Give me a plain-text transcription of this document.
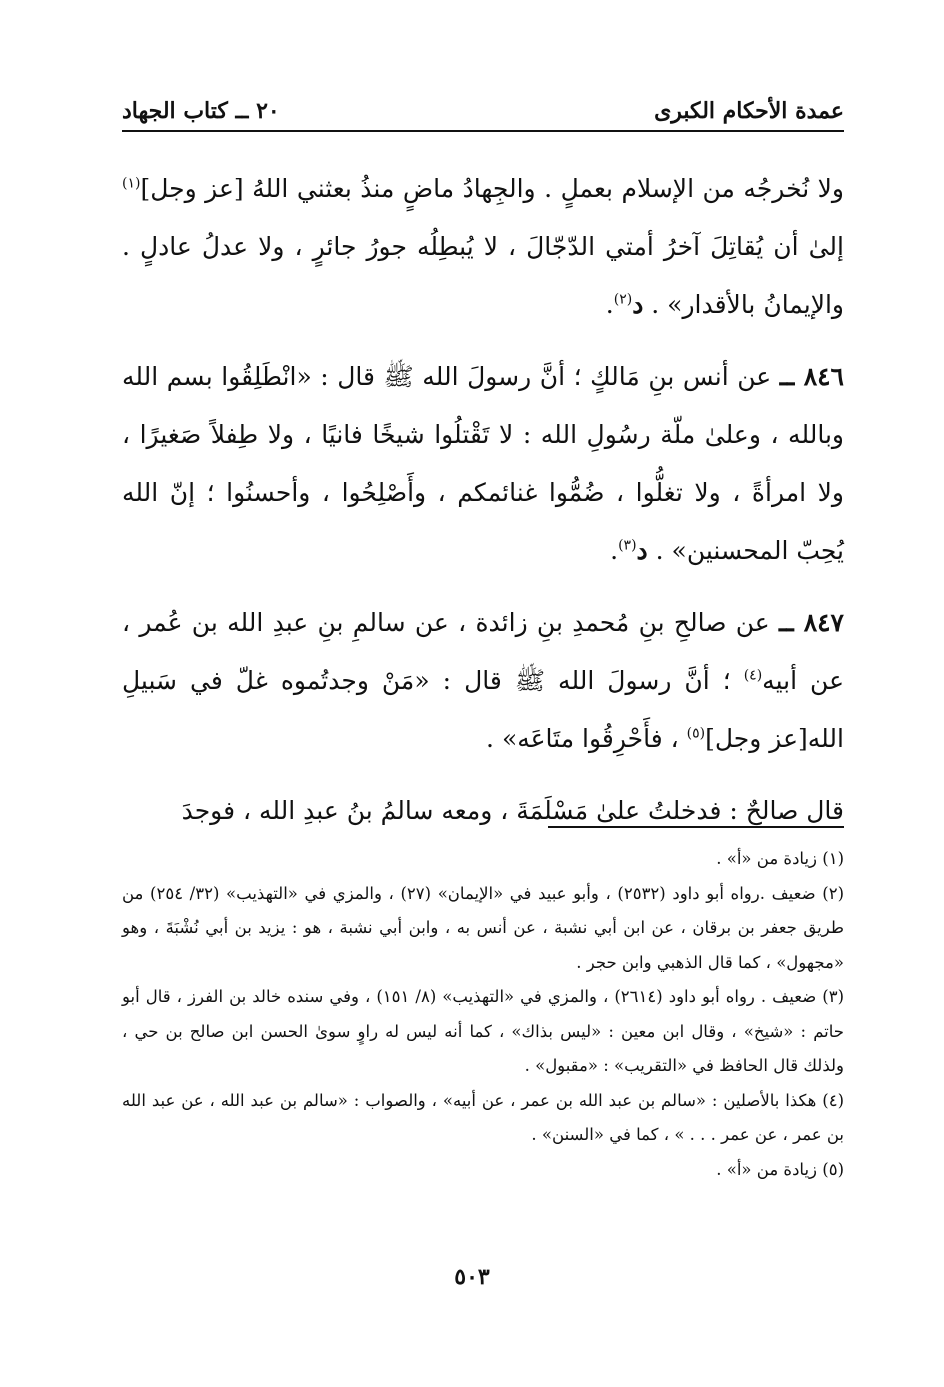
عمدة الأحكام الكبرى
٢٠ ــ كتاب الجهاد

ولا نُخرجُه من الإسلام بعملٍ . والجِهادُ ماضٍ منذُ بعثني اللهُ [عز وجل]$^{(١)}$ إلىٰ أن يُقاتِلَ آخرُ أمتي الدّجّالَ ، لا يُبطِلُه جورُ جائرٍ ، ولا عدلُ عادلٍ . والإيمانُ بالأقدار» . د$^{(٢)}$.

٨٤٦ ــ عن أنس بنِ مَالكٍ ؛ أنَّ رسولَ الله ﷺ قال : «انْطَلِقُوا بسم الله وبالله ، وعلىٰ ملّة رسُولِ الله : لا تَقْتلُوا شيخًا فانيًا ، ولا طِفلاً صَغيرًا ، ولا امرأةً ، ولا تغلُّوا ، ضُمُّوا غنائمكم ، وأَصْلِحُوا ، وأحسنُوا ؛ إنّ الله يُحِبّ المحسنين» . د$^{(٣)}$.

٨٤٧ ــ عن صالحِ بنِ مُحمدِ بنِ زائدة ، عن سالمِ بنِ عبدِ الله بن عُمر ، عن أبيه$^{(٤)}$ ؛ أنَّ رسولَ الله ﷺ قال : «مَنْ وجدتُموه غلّ في سَبيلِ الله[عز وجل]$^{(٥)}$ ، فأَحْرِقُوا متَاعَه» .

قال صالحٌ : فدخلتُ علىٰ مَسْلَمَةَ ، ومعه سالمُ بنُ عبدِ الله ، فوجدَ

(١) زيادة من «أ» .

(٢) ضعيف .رواه أبو داود (٢٥٣٢) ، وأبو عبيد في «الإيمان» (٢٧) ، والمزي في «التهذيب» (٣٢/ ٢٥٤) من طريق جعفر بن برقان ، عن ابن أبي نشبة ، عن أنس به ، وابن أبي نشبة ، هو : يزيد بن أبي نُشْبَةَ ، وهو «مجهول» ، كما قال الذهبي وابن حجر .

(٣) ضعيف . رواه أبو داود (٢٦١٤) ، والمزي في «التهذيب» (٨/ ١٥١) ، وفي سنده خالد بن الفرز ، قال أبو حاتم : «شيخ» ، وقال ابن معين : «ليس بذاك» ، كما أنه ليس له راوٍ سوىٰ الحسن ابن صالح بن حي ، ولذلك قال الحافظ في «التقريب» : «مقبول» .

(٤) هكذا بالأصلين : «سالم بن عبد الله بن عمر ، عن أبيه» ، والصواب : «سالم بن عبد الله ، عن عبد الله بن عمر ، عن عمر . . . » ، كما في «السنن» .

(٥) زيادة من «أ» .

٥٠٣
